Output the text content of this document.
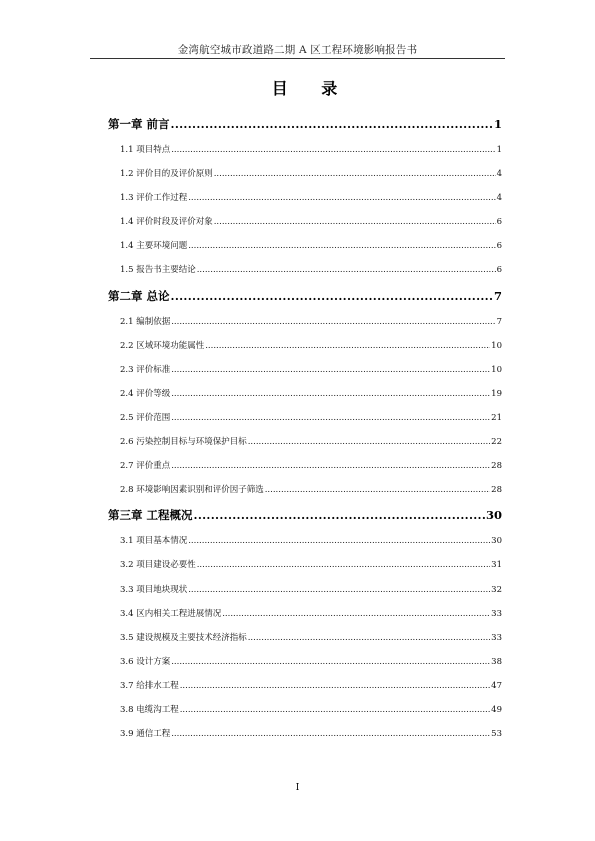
金湾航空城市政道路二期 A 区工程环境影响报告书
目 录
第一章 前言 .....	1
1.1 项目特点 .....	1
1.2 评价目的及评价原则 .....	4
1.3 评价工作过程 .....	4
1.4 评价时段及评价对象 .....	6
1.4 主要环境问题 .....	6
1.5 报告书主要结论 .....	6
第二章 总论 .....	7
2.1 编制依据 .....	7
2.2 区域环境功能属性 .....	10
2.3 评价标准 .....	10
2.4 评价等级 .....	19
2.5 评价范围 .....	21
2.6 污染控制目标与环境保护目标 .....	22
2.7 评价重点 .....	28
2.8 环境影响因素识别和评价因子筛选 .....	28
第三章 工程概况 .....	30
3.1 项目基本情况 .....	30
3.2 项目建设必要性 .....	31
3.3 项目地块现状 .....	32
3.4 区内相关工程进展情况 .....	33
3.5 建设规模及主要技术经济指标 .....	33
3.6 设计方案 .....	38
3.7 给排水工程 .....	47
3.8 电缆沟工程 .....	49
3.9 通信工程 .....	53
I
